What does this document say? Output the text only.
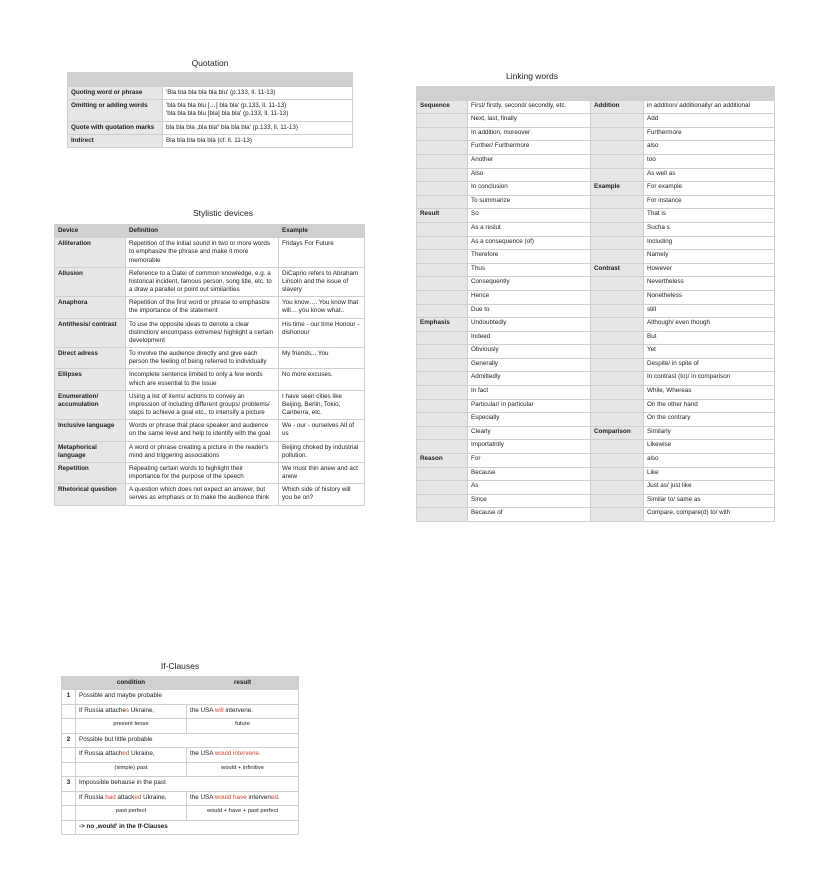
Quotation

Quoting word or phrase	'Bla bla bla bla bla blu' (p.133, ll. 11-13)
Omitting or adding words	'bla bla bla blu […] bla bla' (p.133, ll. 11-13)
'bla bla bla blu [bla] bla bla' (p.133, ll. 11-13)

Quote with quotation marks	bla bla bla „bla bla“ bla bla bla' (p.133, ll. 11-13)
Indirect	Bla bla bla bla bla (cf. ll. 11-13)
Stylistic devices
Device	Definition	Example
Alliteration	Repetition of the initial sound in two or more words to emphasize the phrase and make it more memorable	Fridays For Future
Allusion	Reference to a Datei of common knowledge, e.g. a historical incident, famous person, song title, etc. to a draw a parallel or point out similarities	DiCaprio refers to Abraham Lincoln and the issue of slavery
Anaphora	Repetition of the first word or phrase to emphasize the importance of the statement	You know…. You know that will… you know what..
Antithesis/ contrast	To use the opposite ideas to denote a clear distinction/ encompass extremes/ highlight a certain development	His time - our time Honour - dishonour
Direct adress	To involve the audience directly and give each person the feeling of being referred to individually	My friends,.. You
Ellipses	Incomplete sentence limited to only a few words which are essential to the issue	No more excuses.
Enumeration/ accumulation	Using a list of items/ actions to convey an impression of including different groups/ problems/ steps to achieve a goal etc., to intensify a picture	I have seen cities like Beijing, Berlin, Tokio, Canberra, etc.
Inclusive language	Words or phrase that place speaker and audience on the same level and help to identify with the goal	We - our - ourselves All of us
Metaphorical language	A word or phrase creating a picture in the reader's mind and triggering associations	Beijing choked by industrial pollution.
Repetition	Repeating certain words to highlight their importance for the purpose of the speech	We must thin anew and act anew
Rhetorical question	A question which does not expect an answer, but serves as emphasis or to make the audience think	Which side of history will you be on?
Linking words

Sequence	First/ firstly, second/ secondly, etc.	Addition	in addition/ additionally/ an additional
	Next, last, finally		Add
	In addition, moreover		Furthermore
	Further/ Furthermore		also
	Another		too
	Also		As well as
	In conclusion	Example	For example
	To summarize		For instance
Result	So		That is
	As a reslut		Sucha s
	As a consequence (of)		Including
	Therefore		Namely
	Thus	Contrast	However
	Consequently		Nevertheless
	Hence		Nonetheless
	Due to		still
Emphasis	Undoubtedly		Although/ even though
	Indeed		But
	Obviously		Yet
	Generally		Despite/ in spite of
	Admittedly		In contrast (to)/ in comparison
	In fact		While, Whereas
	Particular/ in particular		On the other hand
	Especially		On the contrary
	Clearly	Comparison	Similarly
	Importatntly		Likewise
Reason	For		also
	Because		Like
	As		Just as/ just like
	Since		Similar to/ same as
	Because of		Compare, compare(d) to/ with
If-Clauses
	condition	result
1	Possible and maybe probable	
	If Russia attaches Ukraine,	the USA will intervene.
	present tense	future
2	Possible but little probable	
	If Russia attached Ukraine,	the USA would intervene.
	(simple) past	would + infinitive
3	Impossible behause in the past	
	If Russia had attacked Ukraine,	the USA would have intervened.
	past perfect	would + have + past perfect
	-> no ‚would' in the If-Clauses	
